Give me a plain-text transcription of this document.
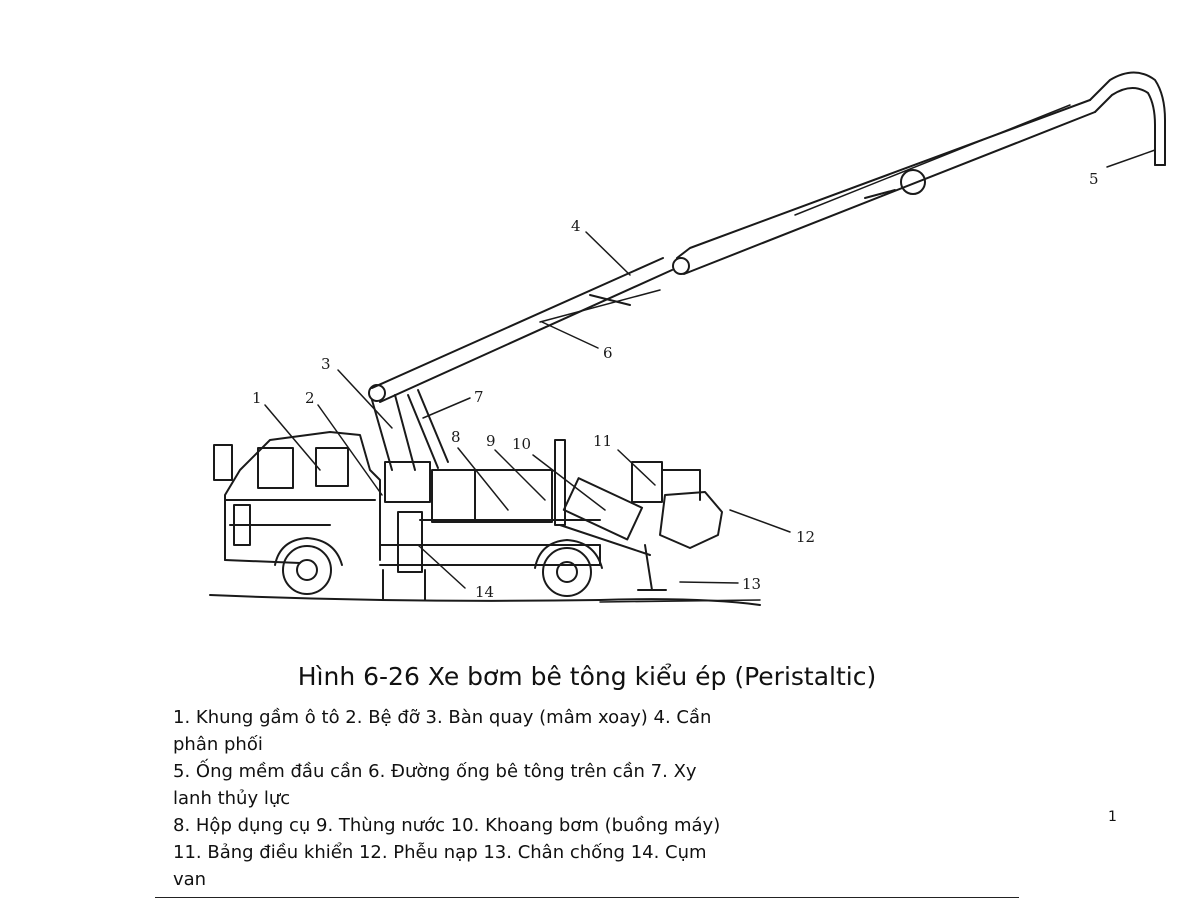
1	2
3
4
5
6
7
8 9 10	11
12
13
14
Hình 6-26 Xe bơm bê tông kiểu ép (Peristaltic)
1. Khung gầm ô tô 2. Bệ đỡ 3. Bàn quay (mâm xoay) 4. Cần
phân phối
5. Ống mềm đầu cần 6. Đường ống bê tông trên cần 7. Xy
lanh thủy lực
8. Hộp dụng cụ 9. Thùng nước 10. Khoang bơm (buồng máy)
11. Bảng điều khiển 12. Phễu nạp 13. Chân chống 14. Cụm
van
1
